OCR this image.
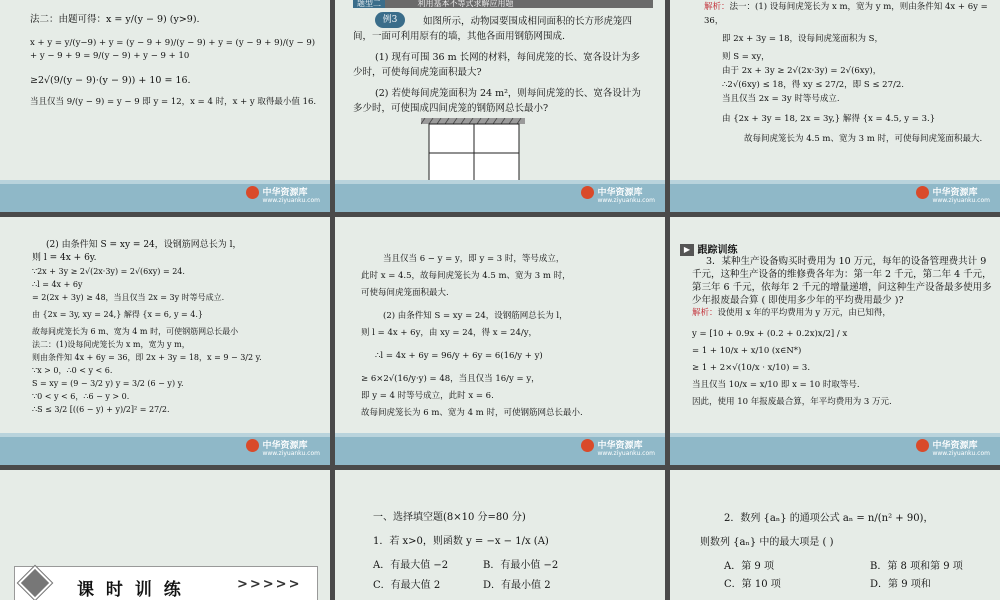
法二：由题可得：x = y/(y − 9) (y>9).

x + y = y/(y−9) + y = (y − 9 + 9)/(y − 9) + y = (y − 9 + 9)/(y − 9) + y − 9 + 9 = 9/(y − 9) + y − 9 + 10

≥2√(9/(y − 9)·(y − 9)) + 10 = 16.

当且仅当 9/(y − 9) = y − 9 即 y = 12，x = 4 时，x + y 取得最小值 16.

中华资源库
www.ziyuanku.com
题型二	利用基本不等式求解应用题
例3	如图所示，动物园要围成相同面积的长方形虎笼四间，一面可利用原有的墙，其他各面用钢筋网围成.

(1) 现有可围 36 m 长网的材料，每间虎笼的长、宽各设计为多少时，可使每间虎笼面积最大?

(2) 若使每间虎笼面积为 24 m²，则每间虎笼的长、宽各设计为多少时，可使围成四间虎笼的钢筋网总长最小?

中华资源库
www.ziyuanku.com

解析：法一：(1) 设每间虎笼长为 x m，宽为 y m，则由条件知 4x + 6y = 36，

即 2x + 3y = 18，设每间虎笼面积为 S，

则 S = xy，

由于 2x + 3y ≥ 2√(2x·3y) = 2√(6xy)，

∴2√(6xy) ≤ 18，得 xy ≤ 27/2，即 S ≤ 27/2.

当且仅当 2x = 3y 时等号成立.

由 {2x + 3y = 18, 2x = 3y,} 解得 {x = 4.5, y = 3.}

故每间虎笼长为 4.5 m、宽为 3 m 时，可使每间虎笼面积最大.

中华资源库
www.ziyuanku.com

(2) 由条件知 S = xy = 24，设钢筋网总长为 l，

则 l = 4x + 6y.

∵2x + 3y ≥ 2√(2x·3y) = 2√(6xy) = 24.

∴l = 4x + 6y

= 2(2x + 3y) ≥ 48，当且仅当 2x = 3y 时等号成立.

由 {2x = 3y, xy = 24,} 解得 {x = 6, y = 4.}

故每间虎笼长为 6 m、宽为 4 m 时，可使钢筋网总长最小

法二：(1)设每间虎笼长为 x m，宽为 y m，

则由条件知 4x + 6y = 36，即 2x + 3y = 18，x = 9 − 3/2 y.

∵x > 0，∴0 < y < 6.

S = xy = (9 − 3/2 y) y = 3/2 (6 − y) y.

∵0 < y < 6，∴6 − y > 0.

∴S ≤ 3/2 [((6 − y) + y)/2]² = 27/2.

中华资源库
www.ziyuanku.com

当且仅当 6 − y = y，即 y = 3 时，等号成立，

此时 x = 4.5，故每间虎笼长为 4.5 m、宽为 3 m 时，

可使每间虎笼面积最大.

(2) 由条件知 S = xy = 24，设钢筋网总长为 l，

则 l = 4x + 6y，由 xy = 24，得 x = 24/y，

∴l = 4x + 6y = 96/y + 6y = 6(16/y + y)

≥ 6×2√(16/y·y) = 48，当且仅当 16/y = y，

即 y = 4 时等号成立，此时 x = 6.

故每间虎笼长为 6 m、宽为 4 m 时，可使钢筋网总长最小.

中华资源库
www.ziyuanku.com
▶ 跟踪训练

3．某种生产设备购买时费用为 10 万元，每年的设备管理费共计 9 千元，这种生产设备的维修费各年为：第一年 2 千元，第二年 4 千元，第三年 6 千元，依每年 2 千元的增量递增，问这种生产设备最多使用多少年报废最合算 ( 即使用多少年的平均费用最少 )?

解析：设使用 x 年的平均费用为 y 万元，由已知得，

y = [10 + 0.9x + (0.2 + 0.2x)x/2] / x

= 1 + 10/x + x/10 (x∈N*)

≥ 1 + 2×√(10/x · x/10) = 3.

当且仅当 10/x = x/10 即 x = 10 时取等号.

因此，使用 10 年报废最合算，年平均费用为 3 万元.

中华资源库
www.ziyuanku.com
课 时 训 练	>>>>>

一、选择填空题(8×10 分=80 分)

1．若 x>0，则函数 y = −x − 1/x (A)

A．有最大值 −2	B．有最小值 −2
C．有最大值 2	D．有最小值 2

2．数列 {aₙ} 的通项公式 aₙ = n/(n² + 90)，

则数列 {aₙ} 中的最大项是 ( )

A．第 9 项	B．第 8 项和第 9 项
C．第 10 项	D．第 9 项和
